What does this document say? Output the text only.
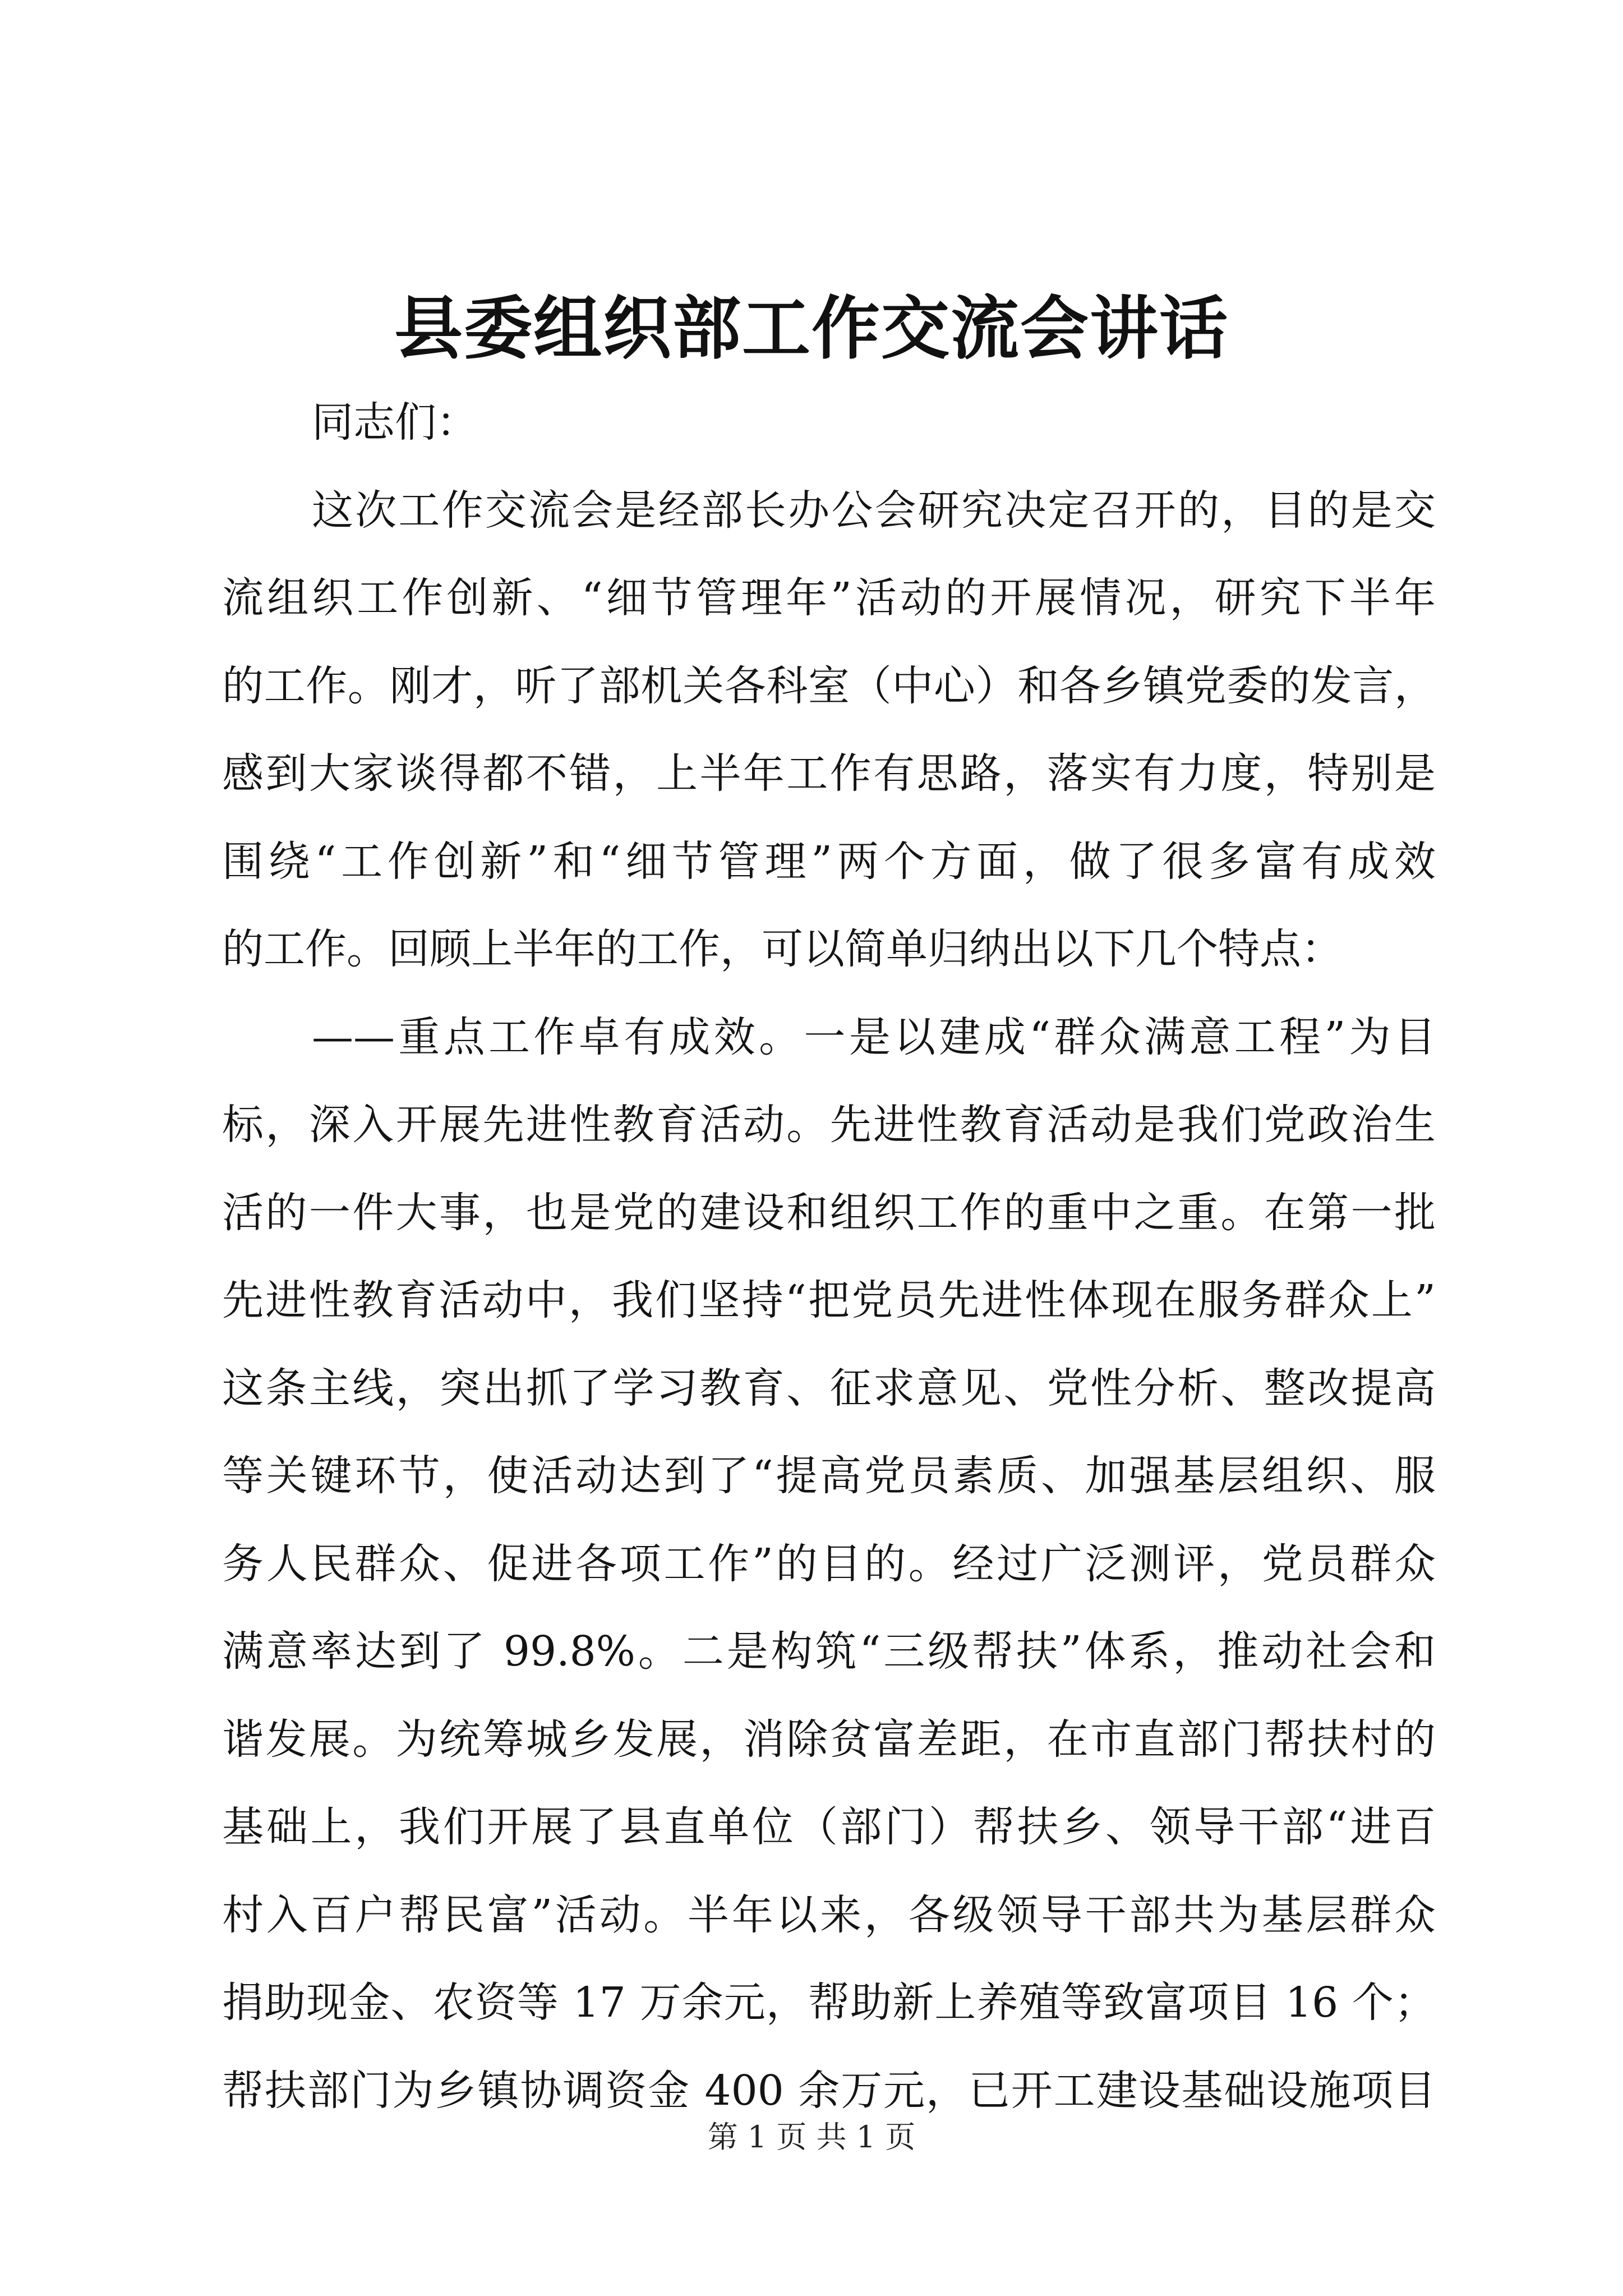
县委组织部工作交流会讲话
同志们：
这次工作交流会是经部长办公会研究决定召开的，目的是交
流组织工作创新、“细节管理年”活动的开展情况，研究下半年
的工作。刚才，听了部机关各科室（中心）和各乡镇党委的发言，
感到大家谈得都不错，上半年工作有思路，落实有力度，特别是
围绕“工作创新”和“细节管理”两个方面，做了很多富有成效
的工作。回顾上半年的工作，可以简单归纳出以下几个特点：
——重点工作卓有成效。一是以建成“群众满意工程”为目
标，深入开展先进性教育活动。先进性教育活动是我们党政治生
活的一件大事，也是党的建设和组织工作的重中之重。在第一批
先进性教育活动中，我们坚持“把党员先进性体现在服务群众上”
这条主线，突出抓了学习教育、征求意见、党性分析、整改提高
等关键环节，使活动达到了“提高党员素质、加强基层组织、服
务人民群众、促进各项工作”的目的。经过广泛测评，党员群众
满意率达到了 99.8%。二是构筑“三级帮扶”体系，推动社会和
谐发展。为统筹城乡发展，消除贫富差距，在市直部门帮扶村的
基础上，我们开展了县直单位（部门）帮扶乡、领导干部“进百
村入百户帮民富”活动。半年以来，各级领导干部共为基层群众
捐助现金、农资等 17 万余元，帮助新上养殖等致富项目 16 个；
帮扶部门为乡镇协调资金 400 余万元，已开工建设基础设施项目
第 1 页 共 1 页
